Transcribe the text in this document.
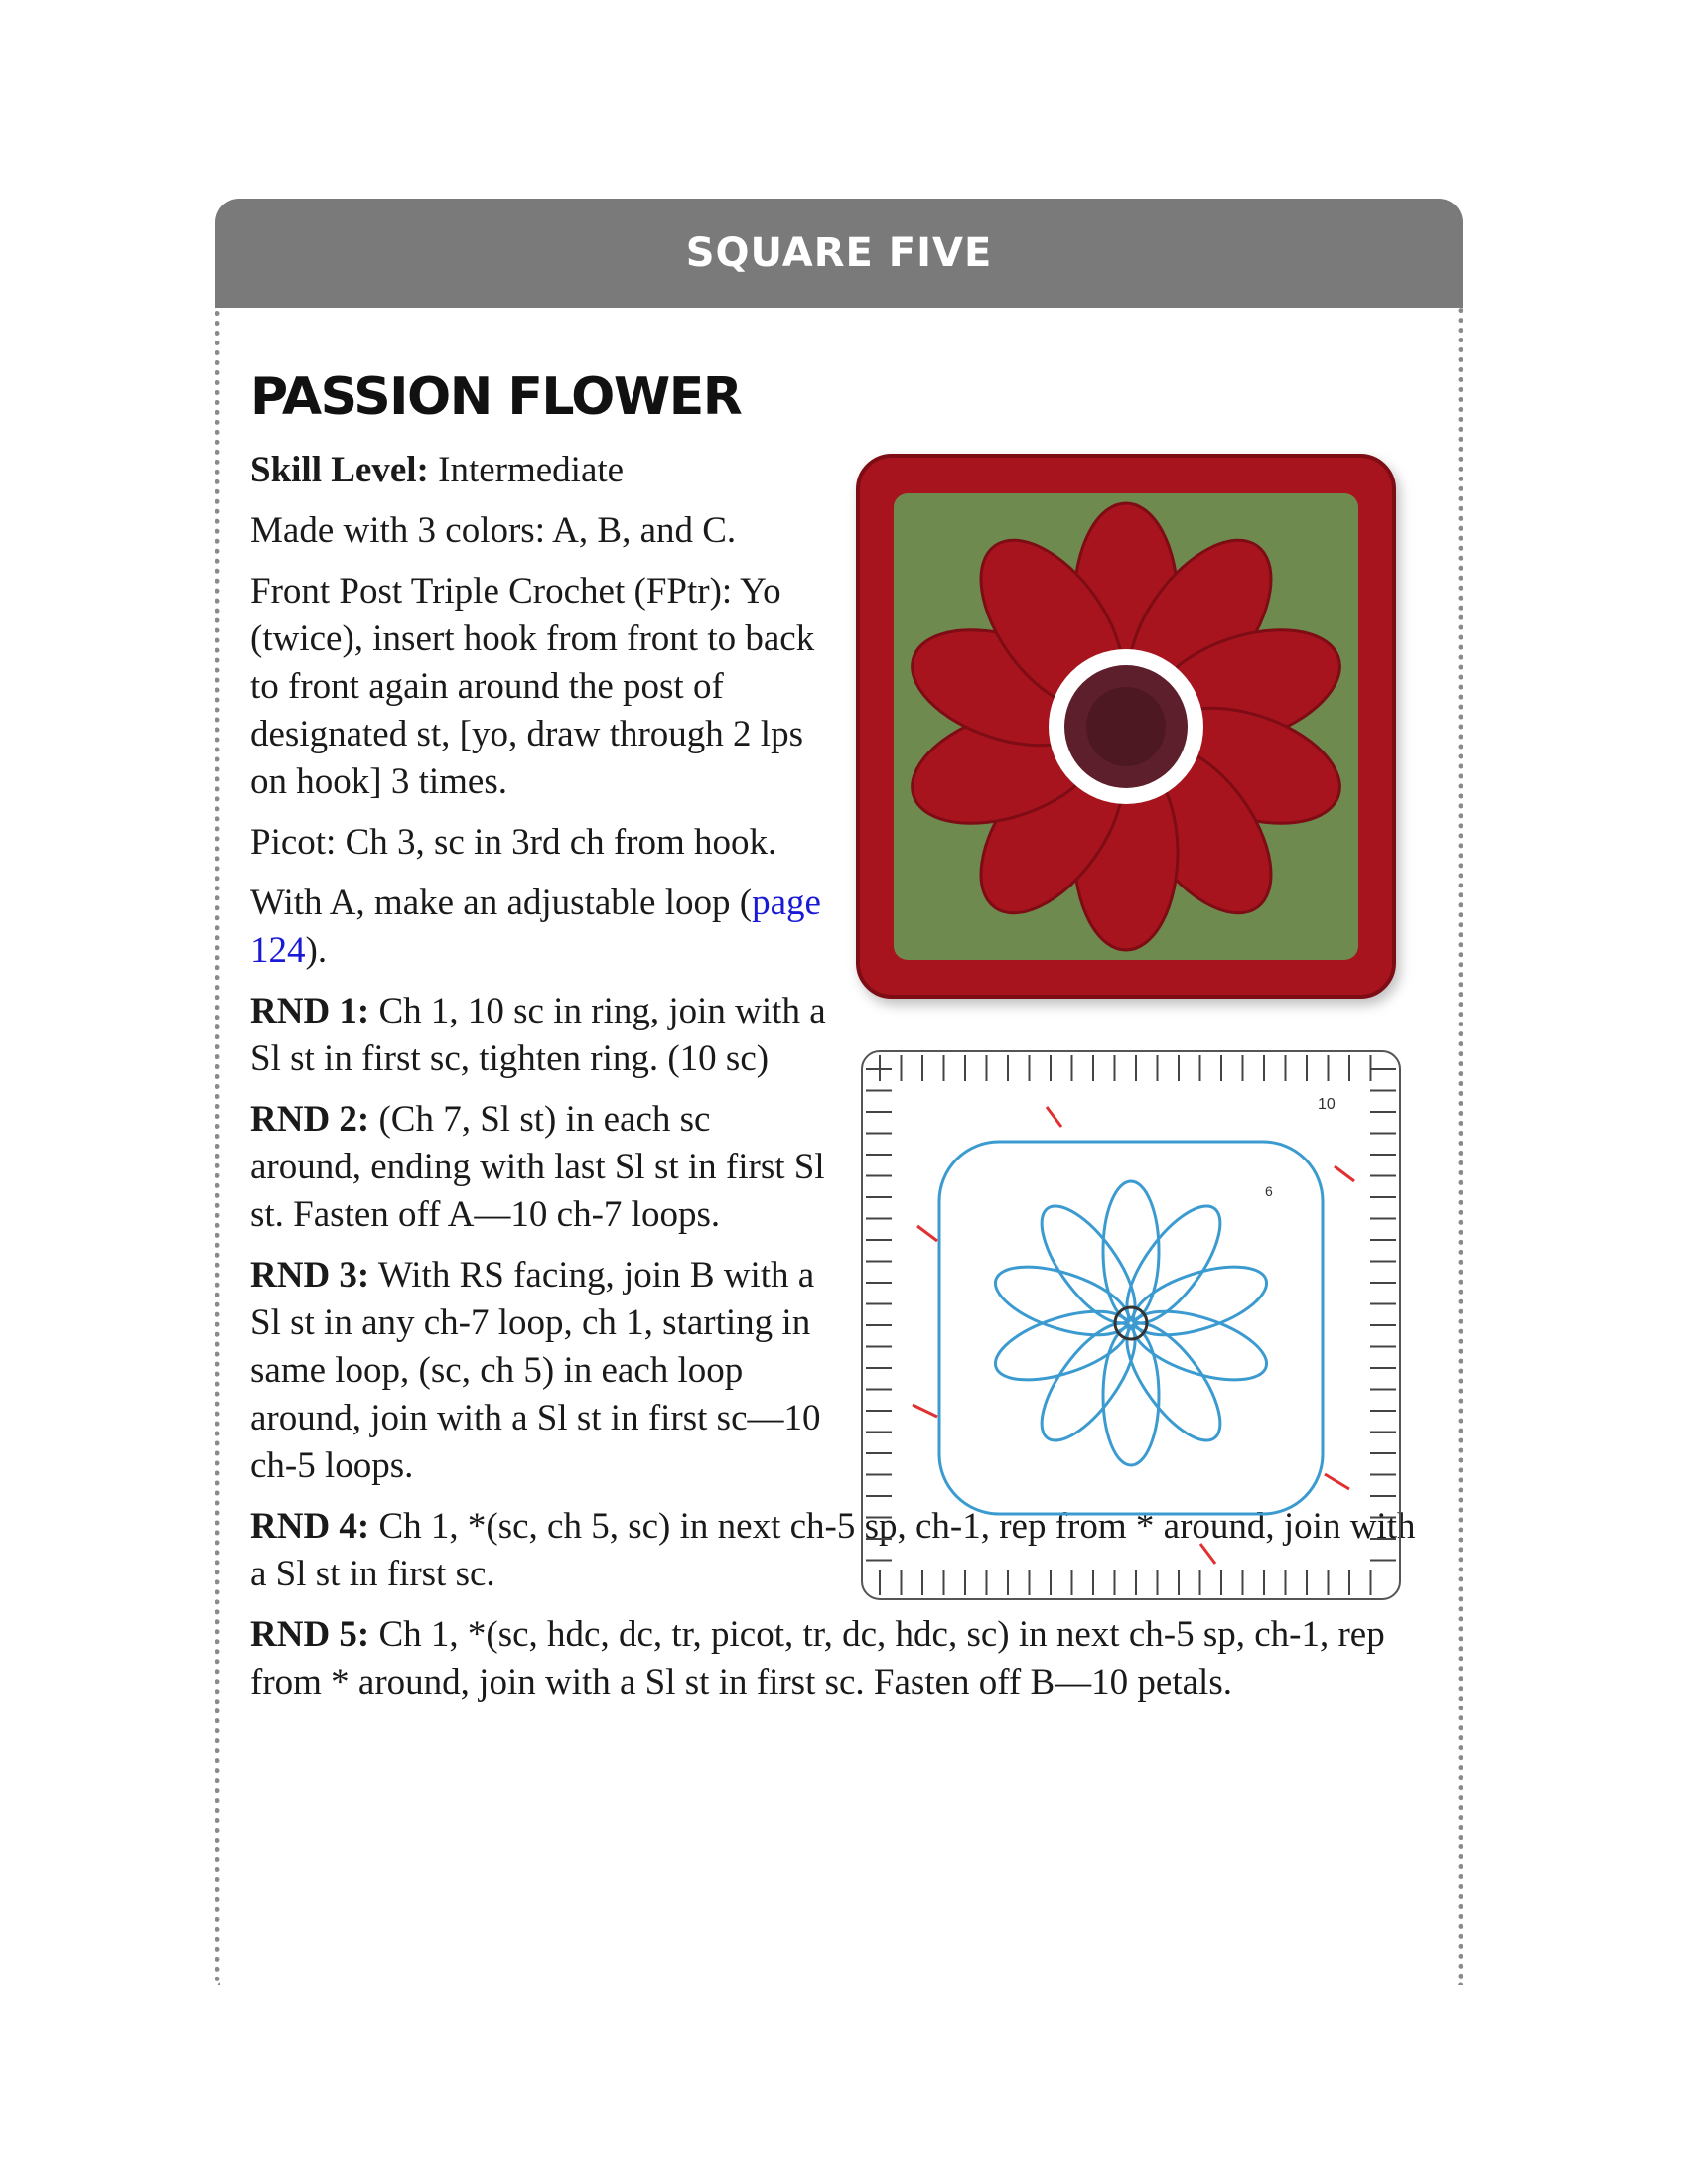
SQUARE FIVE
PASSION FLOWER

Skill Level: Intermediate

Made with 3 colors: A, B, and C.

Front Post Triple Crochet (FPtr): Yo (twice), insert hook from front to back to front again around the post of designated st, [yo, draw through 2 lps on hook] 3 times.

Picot: Ch 3, sc in 3rd ch from hook.

With A, make an adjustable loop (page 124).

RND 1: Ch 1, 10 sc in ring, join with a Sl st in first sc, tighten ring. (10 sc)

RND 2: (Ch 7, Sl st) in each sc around, ending with last Sl st in first Sl st. Fasten off A—10 ch-7 loops.

RND 3: With RS facing, join B with a Sl st in any ch-7 loop, ch 1, starting in same loop, (sc, ch 5) in each loop around, join with a Sl st in first sc—10 ch-5 loops.

RND 4: Ch 1, *(sc, ch 5, sc) in next ch-5 sp, ch-1, rep from * around, join with a Sl st in first sc.

RND 5: Ch 1, *(sc, hdc, dc, tr, picot, tr, dc, hdc, sc) in next ch-5 sp, ch-1, rep from * around, join with a Sl st in first sc. Fasten off B—10 petals.

10
6
